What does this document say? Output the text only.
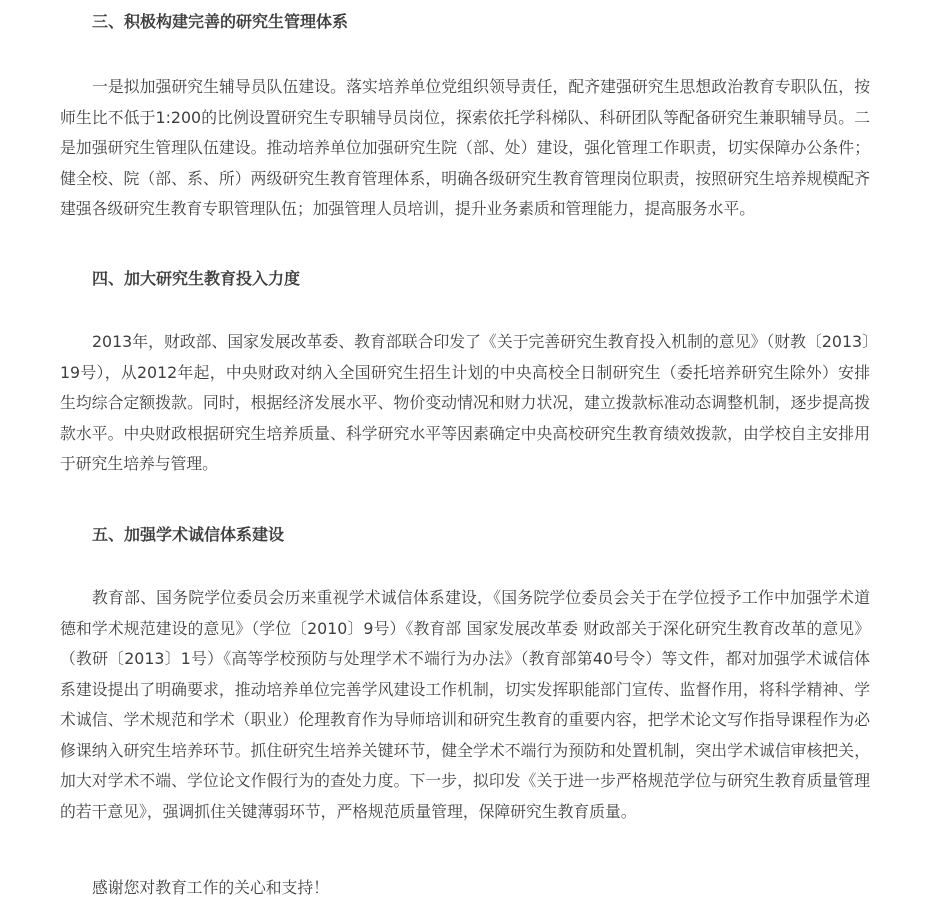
三、积极构建完善的研究生管理体系

一是拟加强研究生辅导员队伍建设。落实培养单位党组织领导责任，配齐建强研究生思想政治教育专职队伍，按师生比不低于1:200的比例设置研究生专职辅导员岗位，探索依托学科梯队、科研团队等配备研究生兼职辅导员。二是加强研究生管理队伍建设。推动培养单位加强研究生院（部、处）建设，强化管理工作职责，切实保障办公条件；健全校、院（部、系、所）两级研究生教育管理体系，明确各级研究生教育管理岗位职责，按照研究生培养规模配齐建强各级研究生教育专职管理队伍；加强管理人员培训，提升业务素质和管理能力，提高服务水平。

四、加大研究生教育投入力度

2013年，财政部、国家发展改革委、教育部联合印发了《关于完善研究生教育投入机制的意见》（财教〔2013〕19号），从2012年起，中央财政对纳入全国研究生招生计划的中央高校全日制研究生（委托培养研究生除外）安排生均综合定额拨款。同时，根据经济发展水平、物价变动情况和财力状况，建立拨款标准动态调整机制，逐步提高拨款水平。中央财政根据研究生培养质量、科学研究水平等因素确定中央高校研究生教育绩效拨款，由学校自主安排用于研究生培养与管理。

五、加强学术诚信体系建设

教育部、国务院学位委员会历来重视学术诚信体系建设，《国务院学位委员会关于在学位授予工作中加强学术道德和学术规范建设的意见》（学位〔2010〕9号）《教育部 国家发展改革委 财政部关于深化研究生教育改革的意见》（教研〔2013〕1号）《高等学校预防与处理学术不端行为办法》（教育部第40号令）等文件，都对加强学术诚信体系建设提出了明确要求，推动培养单位完善学风建设工作机制，切实发挥职能部门宣传、监督作用，将科学精神、学术诚信、学术规范和学术（职业）伦理教育作为导师培训和研究生教育的重要内容，把学术论文写作指导课程作为必修课纳入研究生培养环节。抓住研究生培养关键环节，健全学术不端行为预防和处置机制，突出学术诚信审核把关，加大对学术不端、学位论文作假行为的查处力度。下一步，拟印发《关于进一步严格规范学位与研究生教育质量管理的若干意见》，强调抓住关键薄弱环节，严格规范质量管理，保障研究生教育质量。

感谢您对教育工作的关心和支持！
